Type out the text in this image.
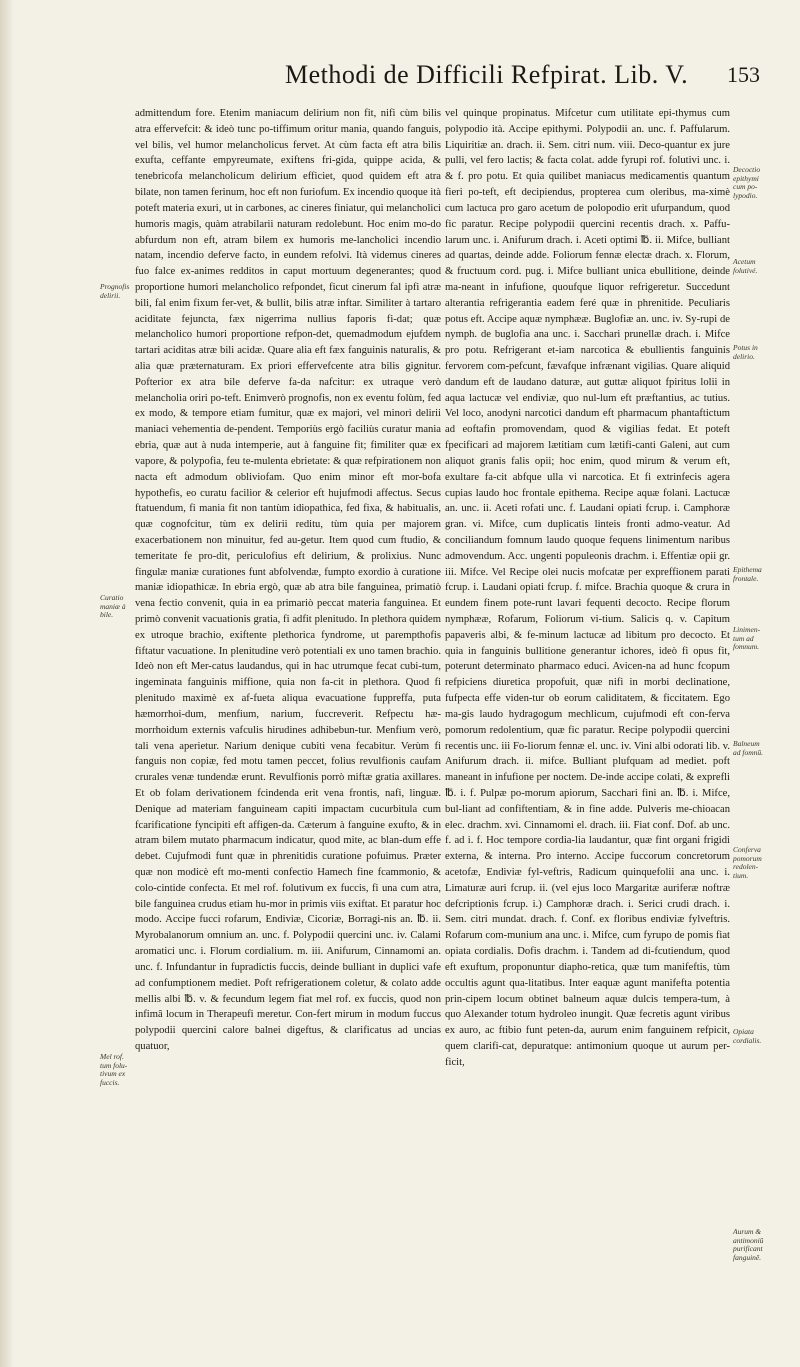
Methodi de Difficili Refpirat. Lib. V.	153

admittendum fore. Etenim maniacum delirium non fit, nifi cùm bilis atra effervefcit: & ideò tunc po-tiffimum oritur mania, quando fanguis, vel bilis, vel humor melancholicus fervet. At cùm facta eft atra bilis exufta, ceffante empyreumate, exiftens fri-gida, quippe acida, & tenebricofa melancholicum delirium efficiet, quod quidem eft atra bilate, non tamen ferinum, hoc eft non furiofum. Ex incendio quoque ità poteft materia exuri, ut in carbones, ac cineres finiatur, qui melancholici humoris magis, quàm atrabilarii naturam redolebunt. Hoc enim mo-do abfurdum non eft, atram bilem ex humoris me-lancholici incendio natam, incendio deferve facto, in eundem refolvi. Ità videmus cineres fuo falce ex-animes redditos in caput mortuum degenerantes; quod proportione humori melancholico refpondet, ficut cinerum fal ipfi atræ bili, fal enim fixum fer-vet, & bullit, bilis atræ inftar. Similiter à tartaro aciditate fejuncta, fæx nigerrima nullius faporis fi-dat; quæ melancholico humori proportione refpon-det, quemadmodum ejufdem tartari aciditas atræ bili acidæ. Quare alia eft fæx fanguinis naturalis, & alia quæ præternaturam. Ex priori effervefcente atra bilis gignitur. Pofterior ex atra bile deferve fa-da nafcitur: ex utraque verò melancholia oriri po-teft. Enimverò prognofis, non ex eventu folùm, fed ex modo, & tempore etiam fumitur, quæ ex majori, vel minori delirii maniaci vehementia de-pendent. Temporiùs ergò faciliùs curatur mania ebria, quæ aut à nuda intemperie, aut à fanguine fit; fimiliter quæ ex vapore, & polypofia, feu te-mulenta ebrietate: & quæ refpirationem non nacta eft admodum obliviofam. Quo enim minor eft mor-bofa hypothefis, eo curatu facilior & celerior eft hujufmodi affectus. Secus ftatuendum, fi mania fit non tantùm idiopathica, fed fixa, & habitualis, quæ cognofcitur, tùm ex delirii reditu, tùm quia per majorem exacerbationem non minuitur, fed au-getur. Item quod cum ftudio, & temeritate fe pro-dit, periculofius eft delirium, & prolixius. Nunc fingulæ maniæ curationes funt abfolvendæ, fumpto exordio à curatione maniæ idiopathicæ. In ebria ergò, quæ ab atra bile fanguinea, primatiò vena fectio convenit, quia in ea primariò peccat materia fanguinea. Et primò convenit vacuationis gratia, fi adfit plenitudo. In plethora quidem ex utroque brachio, exiftente plethorica fyndrome, ut parempthofis fiftatur vacuatione. In plenitudine verò potentiali ex uno tamen brachio. Ideò non eft Mer-catus laudandus, qui in hac utrumque fecat cubi-tum, ingeminata fanguinis miffione, quia non fa-cit in plethora. Quod fi plenitudo maximè ex af-fueta aliqua evacuatione fuppreffa, puta hæmorrhoi-dum, menfium, narium, fuccreverit. Refpectu hæ-morrhoidum externis vafculis hirudines adhibebun-tur. Menfium verò, tali vena aperietur. Narium denique cubiti vena fecabitur. Verùm fi fanguis non copiæ, fed motu tamen peccet, folius revulfionis caufam crurales venæ tundendæ erunt. Revulfionis porrò miftæ gratia axillares. Et ob folam derivationem fcindenda erit vena frontis, nafi, linguæ. Denique ad materiam fanguineam capiti impactam cucurbitula cum fcarificatione fyncipiti eft affigen-da. Cæterum à fanguine exufto, & in atram bilem mutato pharmacum indicatur, quod mite, ac blan-dum effe debet. Cujufmodi funt quæ in phrenitidis curatione pofuimus. Præter quæ non modicè eft mo-menti confectio Hamech fine fcammonio, & colo-cintide confecta. Et mel rof. folutivum ex fuccis, fi una cum atra, bile fanguinea crudus etiam hu-mor in primis viis exiftat. Et paratur hoc modo. Accipe fucci rofarum, Endiviæ, Cicoriæ, Borragi-nis an. ℔. ii. Myrobalanorum omnium an. unc. f. Polypodii quercini unc. iv. Calami aromatici unc. i. Florum cordialium. m. iii. Anifurum, Cinnamomi an. unc. f. Infundantur in fupradictis fuccis, deinde bulliant in duplici vafe ad confumptionem mediet. Poft refrigerationem coletur, & colato adde mellis albi ℔. v. & fecundum legem fiat mel rof. ex fuccis, quod non infimâ locum in Therapeufi meretur. Con-fert mirum in modum fuccus polypodii quercini calore balnei digeftus, & clarificatus ad uncias quatuor,

vel quinque propinatus. Mifcetur cum utilitate epi-thymus cum polypodio ità. Accipe epithymi. Polypodii an. unc. f. Paffularum. Liquiritiæ an. drach. ii. Sem. citri num. viii. Deco-quantur ex jure pulli, vel fero lactis; & facta colat. adde fyrupi rof. folutivi unc. i. & f. pro potu. Et quia quilibet maniacus medicamentis quantum fieri po-teft, eft decipiendus, propterea cum oleribus, ma-ximè cum lactuca pro garo acetum de polopodio erit ufurpandum, quod fic paratur. Recipe polypodii quercini recentis drach. x. Paffu-larum unc. i. Anifurum drach. i. Aceti optimi ℔. ii. Mifce, bulliant ad quartas, deinde adde. Foliorum fennæ electæ drach. x. Florum, & fructuum cord. pug. i. Mifce bulliant unica ebullitione, deinde ma-neant in infufione, quoufque liquor refrigeretur. Succedunt alterantia refrigerantia eadem feré quæ in phrenitide. Peculiaris potus eft. Accipe aquæ nymphææ. Buglofiæ an. unc. iv. Sy-rupi de nymph. de buglofia ana unc. i. Sacchari prunellæ drach. i. Mifce pro potu. Refrigerant et-iam narcotica & ebullientis fanguinis fervorem com-pefcunt, fævafque infrænant vigilias. Quare aliquid dandum eft de laudano daturæ, aut guttæ aliquot fpiritus lolii in aqua lactucæ vel endiviæ, quo nul-lum eft præftantius, ac tutius. Vel loco, anodyni narcotici dandum eft pharmacum phantaftictum ad eoftafin promovendam, quod & vigilias fedat. Et poteft fpecificari ad majorem lætitiam cum lætifi-canti Galeni, aut cum aliquot granis falis opii; hoc enim, quod mirum & verum eft, exultare fa-cit abfque ulla vi narcotica. Et fi extrinfecis agera cupias laudo hoc frontale epithema. Recipe aquæ folani. Lactucæ an. unc. ii. Aceti rofati unc. f. Laudani opiati fcrup. i. Camphoræ gran. vi. Mifce, cum duplicatis linteis fronti admo-veatur. Ad conciliandum fomnum laudo quoque fequens linimentum naribus admovendum. Acc. ungenti populeonis drachm. i. Effentiæ opii gr. iii. Mifce. Vel Recipe olei nucis mofcatæ per expreffionem parati fcrup. i. Laudani opiati fcrup. f. mifce. Brachia quoque & crura in eundem finem pote-runt lavari fequenti decocto. Recipe florum nymphææ, Rofarum, Foliorum vi-tium. Salicis q. v. Capitum papaveris albi, & fe-minum lactucæ ad libitum pro decocto. Et quia in fanguinis bullitione generantur ichores, ideò fi opus fit, poterunt determinato pharmaco educi. Avicen-na ad hunc fcopum refpiciens diuretica propofuit, quæ nifi in morbi declinatione, fufpecta effe viden-tur ob eorum caliditatem, & ficcitatem. Ego ma-gis laudo hydragogum mechlicum, cujufmodi eft con-ferva pomorum redolentium, quæ fic paratur. Recipe polypodii quercini recentis unc. iii Fo-liorum fennæ el. unc. iv. Vini albi odorati lib. v. Anifurum drach. ii. mifce. Bulliant plufquam ad mediet. poft maneant in infufione per noctem. De-inde accipe colati, & exprefli ℔. i. f. Pulpæ po-morum apiorum, Sacchari fini an. ℔. i. Mifce, bul-liant ad confiftentiam, & in fine adde. Pulveris me-chioacan elec. drachm. xvi. Cinnamomi el. drach. iii. Fiat conf. Dof. ab unc. f. ad i. f. Hoc tempore cordia-lia laudantur, quæ fint organi frigidi externa, & interna. Pro interno. Accipe fuccorum concretorum acetofæ, Endiviæ fyl-veftris, Radicum quinquefolii ana unc. i. Limaturæ auri fcrup. ii. (vel ejus loco Margaritæ auriferæ noftræ defcriptionis fcrup. i.) Camphoræ drach. i. Serici crudi drach. i. Sem. citri mundat. drach. f. Conf. ex floribus endiviæ fylveftris. Rofarum com-munium ana unc. i. Mifce, cum fyrupo de pomis fiat opiata cordialis. Dofis drachm. i. Tandem ad di-fcutiendum, quod eft exuftum, proponuntur diapho-retica, quæ tum manifeftis, tùm occultis agunt qua-litatibus. Inter eaquæ agunt manifefta potentia prin-cipem locum obtinet balneum aquæ dulcis tempera-tum, à quo Alexander totum hydroleo inungit. Quæ fecretis agunt viribus ex auro, ac ftibio funt peten-da, aurum enim fanguinem refpicit, quem clarifi-cat, depuratque: antimonium quoque ut aurum per-ficit,

Prognofis
delirii.
Curatio
maniæ à
bile.
Mel rof.
tum folu-
tivum ex
fuccis.
Decoctio
epithymi
cum po-
lypodio.
Acetum
folutivé.
Potus in
delirio.
Epithema
frontale.
Linimen-
tum ad
fomnum.
Balneum
ad fomnū.
Conferva
pomorum
redolen-
tium.
Opiata
cordialis.
Aurum &
antimoniū
purificant
fanguinē.
